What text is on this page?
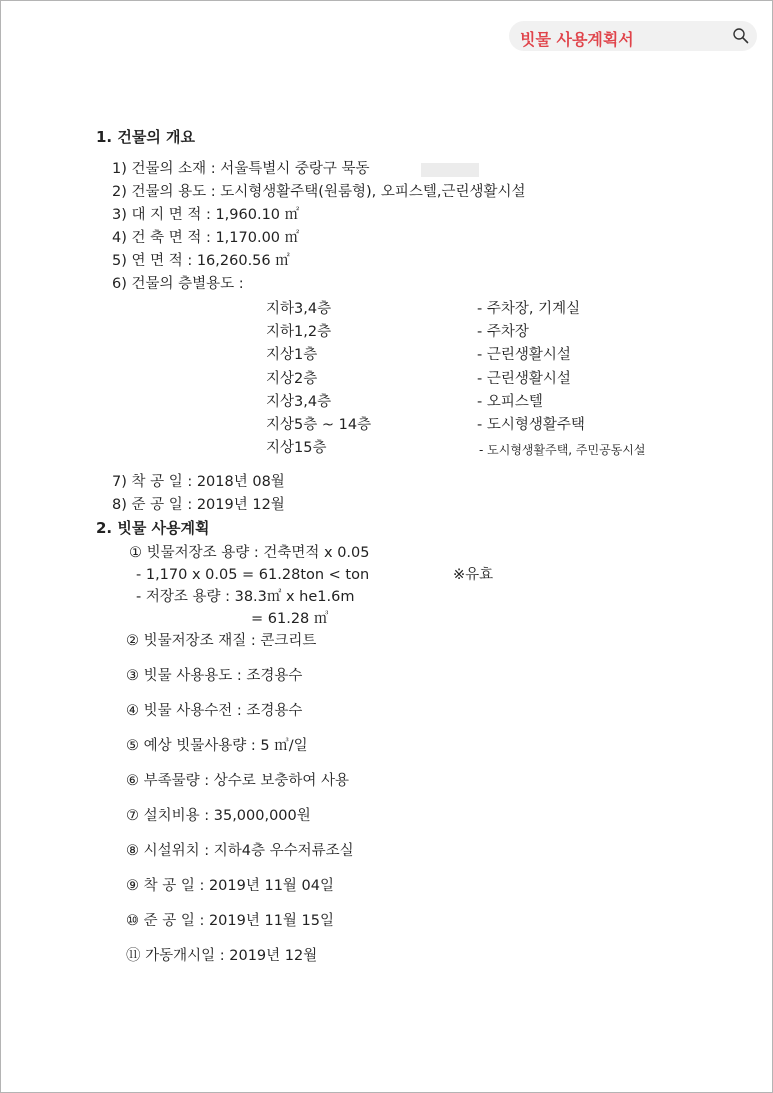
빗물 사용계획서
1. 건물의 개요
1) 건물의 소재 : 서울특별시 중랑구 묵동
2) 건물의 용도 : 도시형생활주택(원룸형), 오피스텔,근린생활시설
3) 대 지 면 적 : 1,960.10 ㎡
4) 건 축 면 적 : 1,170.00 ㎡
5) 연 면 적 : 16,260.56 ㎡
6) 건물의 층별용도 :
지하3,4층	- 주차장, 기계실
지하1,2층	- 주차장
지상1층	- 근린생활시설
지상2층	- 근린생활시설
지상3,4층	- 오피스텔
지상5층 ~ 14층	- 도시형생활주택
지상15층	- 도시형생활주택, 주민공동시설
7) 착 공 일 : 2018년 08월
8) 준 공 일 : 2019년 12월
2. 빗물 사용계획
① 빗물저장조 용량 : 건축면적 x 0.05
- 1,170 x 0.05 = 61.28ton < ton	※유효
- 저장조 용량 : 38.3㎡ x he1.6m
= 61.28 ㎥
② 빗물저장조 재질 : 콘크리트
③ 빗물 사용용도 : 조경용수
④ 빗물 사용수전 : 조경용수
⑤ 예상 빗물사용량 : 5 ㎥/일
⑥ 부족물량 : 상수로 보충하여 사용
⑦ 설치비용 : 35,000,000원
⑧ 시설위치 : 지하4층 우수저류조실
⑨ 착 공 일 : 2019년 11월 04일
⑩ 준 공 일 : 2019년 11월 15일
⑪ 가동개시일 : 2019년 12월
